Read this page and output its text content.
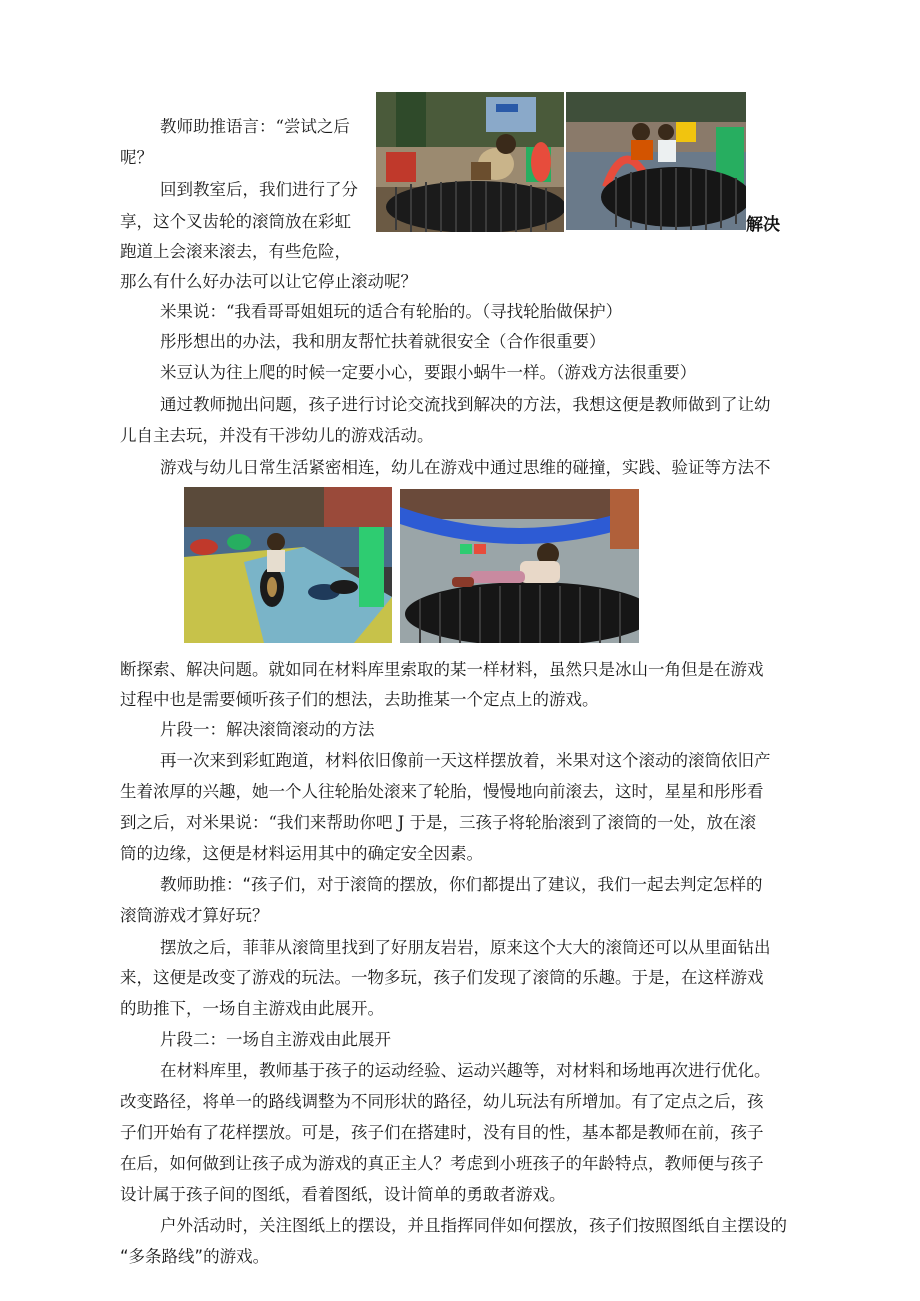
教师助推语言：“尝试之后
呢？
回到教室后，我们进行了分
享，这个叉齿轮的滚筒放在彩虹
跑道上会滚来滚去，有些危险，
那么有什么好办法可以让它停止滚动呢？
解决
米果说：“我看哥哥姐姐玩的适合有轮胎的。（寻找轮胎做保护）
彤彤想出的办法，我和朋友帮忙扶着就很安全（合作很重要）
米豆认为往上爬的时候一定要小心，要跟小蜗牛一样。（游戏方法很重要）
通过教师抛出问题，孩子进行讨论交流找到解决的方法，我想这便是教师做到了让幼
儿自主去玩，并没有干涉幼儿的游戏活动。
游戏与幼儿日常生活紧密相连，幼儿在游戏中通过思维的碰撞，实践、验证等方法不
断探索、解决问题。就如同在材料库里索取的某一样材料，虽然只是冰山一角但是在游戏
过程中也是需要倾听孩子们的想法，去助推某一个定点上的游戏。
片段一：解决滚筒滚动的方法
再一次来到彩虹跑道，材料依旧像前一天这样摆放着，米果对这个滚动的滚筒依旧产
生着浓厚的兴趣，她一个人往轮胎处滚来了轮胎，慢慢地向前滚去，这时，星星和彤彤看
到之后，对米果说：“我们来帮助你吧 J 于是，三孩子将轮胎滚到了滚筒的一处，放在滚
筒的边缘，这便是材料运用其中的确定安全因素。
教师助推：“孩子们，对于滚筒的摆放，你们都提出了建议，我们一起去判定怎样的
滚筒游戏才算好玩？
摆放之后，菲菲从滚筒里找到了好朋友岩岩，原来这个大大的滚筒还可以从里面钻出
来，这便是改变了游戏的玩法。一物多玩，孩子们发现了滚筒的乐趣。于是，在这样游戏
的助推下，一场自主游戏由此展开。
片段二：一场自主游戏由此展开
在材料库里，教师基于孩子的运动经验、运动兴趣等，对材料和场地再次进行优化。
改变路径，将单一的路线调整为不同形状的路径，幼儿玩法有所增加。有了定点之后，孩
子们开始有了花样摆放。可是，孩子们在搭建时，没有目的性，基本都是教师在前，孩子
在后，如何做到让孩子成为游戏的真正主人？考虑到小班孩子的年龄特点，教师便与孩子
设计属于孩子间的图纸，看着图纸，设计简单的勇敢者游戏。
户外活动时，关注图纸上的摆设，并且指挥同伴如何摆放，孩子们按照图纸自主摆设的
“多条路线”的游戏。
